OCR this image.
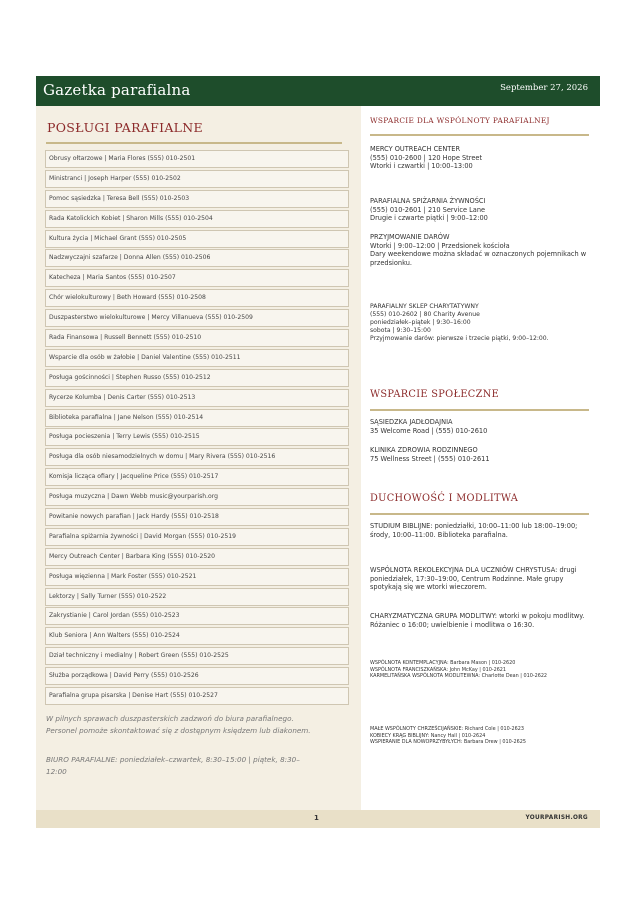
Gazetka parafialna	September 27, 2026
POSŁUGI PARAFIALNE
Obrusy ołtarzowe | Maria Flores (555) 010-2501
Ministranci | Joseph Harper (555) 010-2502
Pomoc sąsiedzka | Teresa Bell (555) 010-2503
Rada Katolickich Kobiet | Sharon Mills (555) 010-2504
Kultura życia | Michael Grant (555) 010-2505
Nadzwyczajni szafarze | Donna Allen (555) 010-2506
Katecheza | Maria Santos (555) 010-2507
Chór wielokulturowy | Beth Howard (555) 010-2508
Duszpasterstwo wielokulturowe | Mercy Villanueva (555) 010-2509
Rada Finansowa | Russell Bennett (555) 010-2510
Wsparcie dla osób w żałobie | Daniel Valentine (555) 010-2511
Posługa gościnności | Stephen Russo (555) 010-2512
Rycerze Kolumba | Denis Carter (555) 010-2513
Biblioteka parafialna | Jane Nelson (555) 010-2514
Posługa pocieszenia | Terry Lewis (555) 010-2515
Posługa dla osób niesamodzielnych w domu | Mary Rivera (555) 010-2516
Komisja licząca ofiary | Jacqueline Price (555) 010-2517
Posługa muzyczna | Dawn Webb music@yourparish.org
Powitanie nowych parafian | Jack Hardy (555) 010-2518
Parafialna spiżarnia żywności | David Morgan (555) 010-2519
Mercy Outreach Center | Barbara King (555) 010-2520
Posługa więzienna | Mark Foster (555) 010-2521
Lektorzy | Sally Turner (555) 010-2522
Zakrystianie | Carol Jordan (555) 010-2523
Klub Seniora | Ann Walters (555) 010-2524
Dział techniczny i medialny | Robert Green (555) 010-2525
Służba porządkowa | David Perry (555) 010-2526
Parafialna grupa pisarska | Denise Hart (555) 010-2527
W pilnych sprawach duszpasterskich zadzwoń do biura parafialnego. Personel pomoże skontaktować się z dostępnym księdzem lub diakonem.
BIURO PARAFIALNE: poniedziałek–czwartek, 8:30–15:00 | piątek, 8:30–12:00
WSPARCIE DLA WSPÓLNOTY PARAFIALNEJ
MERCY OUTREACH CENTER
(555) 010-2600 | 120 Hope Street
Wtorki i czwartki | 10:00–13:00
PARAFIALNA SPIŻARNIA ŻYWNOŚCI
(555) 010-2601 | 210 Service Lane
Drugie i czwarte piątki | 9:00–12:00
PRZYJMOWANIE DARÓW
Wtorki | 9:00–12:00 | Przedsionek kościoła
Dary weekendowe można składać w oznaczonych pojemnikach w przedsionku.
PARAFIALNY SKLEP CHARYTATYWNY
(555) 010-2602 | 80 Charity Avenue
poniedziałek–piątek | 9:30–16:00
sobota | 9:30–15:00
Przyjmowanie darów: pierwsze i trzecie piątki, 9:00–12:00.
WSPARCIE SPOŁECZNE
SĄSIEDZKA JADŁODAJNIA
35 Welcome Road | (555) 010-2610
KLINIKA ZDROWIA RODZINNEGO
75 Wellness Street | (555) 010-2611
DUCHOWOŚĆ I MODLITWA
STUDIUM BIBLIJNE: poniedziałki, 10:00–11:00 lub 18:00–19:00; środy, 10:00–11:00. Biblioteka parafialna.
WSPÓLNOTA REKOLEKCYJNA DLA UCZNIÓW CHRYSTUSA: drugi poniedziałek, 17:30–19:00, Centrum Rodzinne. Małe grupy spotykają się we wtorki wieczorem.
CHARYZMATYCZNA GRUPA MODLITWY: wtorki w pokoju modlitwy. Różaniec o 16:00; uwielbienie i modlitwa o 16:30.
WSPÓLNOTA KONTEMPLACYJNA: Barbara Mason | 010-2620
WSPÓLNOTA FRANCISZKAŃSKA: John McKay | 010-2621
KARMELITAŃSKA WSPÓLNOTA MODLITEWNA: Charlotte Dean | 010-2622
MAŁE WSPÓLNOTY CHRZEŚCIJAŃSKIE: Richard Cole | 010-2623
KOBIECY KRĄG BIBLIJNY: Nancy Hall | 010-2624
WSPIERANIE DLA NOWOPRZYBYŁYCH: Barbara Drew | 010-2625
1	YOURPARISH.ORG
